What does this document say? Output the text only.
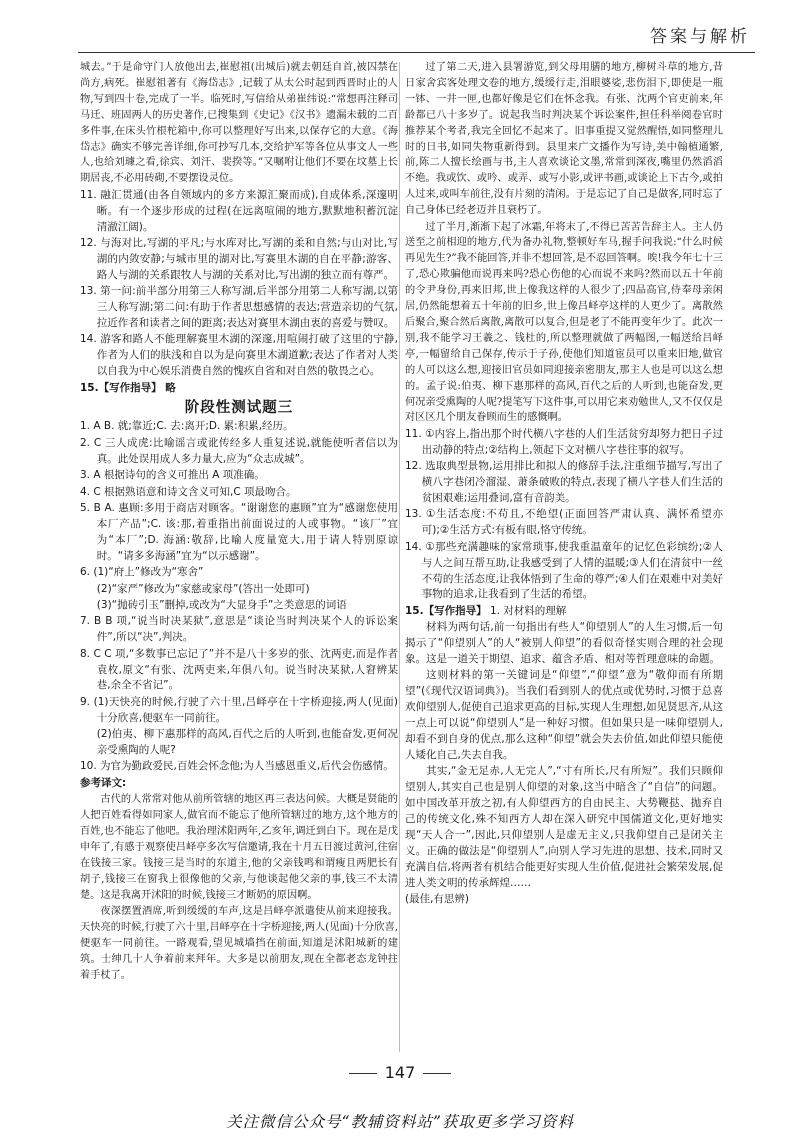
答案与解析

城去。”于是命守门人放他出去,崔慰祖(出城后)就去朝廷自首,被囚禁在尚方,病死。崔慰祖著有《海岱志》,记载了从太公时起到西晋时止的人物,写到四十卷,完成了一半。临死时,写信给从弟崔纬说:“常想再注释司马迁、班固两人的历史著作,已搜集到《史记》《汉书》遗漏未载的二百多件事,在床头竹根柁箱中,你可以整理好写出来,以保存它的大意。《海岱志》确实不够完善详细,你可抄写几本,交给护军等各位从事文人一些人,也给刘璩之看,徐宾、刘汗、裴揆等。”又嘱咐让他们不要在坟墓上长期居丧,不必用砖砌,不要摆设灵位。

11. 融汇贯通(由各自领域内的多方来源汇聚而成),自成体系,深邃明晰。有一个逐步形成的过程(在远离喧闹的地方,默默地积蓄沉淀清澈江阔)。

12. 与海对比,写湖的平凡;与水库对比,写湖的柔和自然;与山对比,写湖的内敛安静;与城市里的湖对比,写赛里木湖的自在平静;游客、路人与湖的关系跟牧人与湖的关系对比,写出湖的独立而有尊严。

13. 第一问:前半部分用第三人称写湖,后半部分用第二人称写湖,以第三人称写湖;第二问:有助于作者思想感情的表达;营造亲切的气氛,拉近作者和读者之间的距离;表达对赛里木湖由衷的喜爱与赞叹。

14. 游客和路人不能理解赛里木湖的深邃,用喧闹打破了这里的宁静,作者为人们的肤浅和自以为是向赛里木湖道歉;表达了作者对人类以自我为中心娱乐消费自然的愧疚自省和对自然的敬畏之心。

15.【写作指导】 略

阶段性测试题三

1. A B. 就;靠近;C. 去:离开;D. 累:积累,经历。

2. C 三人成虎:比喻谣言或讹传经多人重复述说,就能使听者信以为真。此处误用成人多力量大,应为“众志成城”。

3. A 根据诗句的含义可推出 A 项准确。

4. C 根据熟语意和诗文含义可知,C 项最吻合。

5. B A. 惠顾:多用于商店对顾客。“谢谢您的惠顾”宜为“感谢您使用本厂产品”;C. 该:那,着重指出前面说过的人或事物。“该厂”宜为“本厂”;D. 海涵:敬辞,比喻人度量宽大,用于请人特别原谅时。“请多多海涵”宜为“以示感谢”。

6. (1)“府上”修改为“寒舍”

(2)“家严”修改为“家慈或家母”(答出一处即可)

(3)“抛砖引玉”删掉,或改为“大显身手”之类意思的词语

7. B B 项,“说当时决某狱”,意思是“谈论当时判决某个人的诉讼案件”,所以“决”,判决。

8. C C 项,“多数事已忘记了”并不是八十多岁的张、沈两吏,而是作者袁枚,原文“有张、沈两吏来,年俱八旬。说当时决某狱,人窘辨某巷,余全不省记”。

9. (1)天快亮的时候,行驶了六十里,吕峄亭在十字桥迎接,两人(见面)十分欣喜,便驱车一同前往。

(2)伯夷、柳下惠那样的高风,百代之后的人听到,也能奋发,更何况亲受熏陶的人呢?

10. 为官为勤政爱民,百姓会怀念他;为人当感恩重义,后代会伤感情。

参考译文:

古代的人常常对他从前所管辖的地区再三表达问候。大概是贤能的人把百姓看得如同家人,做官而不能忘了他所管辖过的地方,这个地方的百姓,也不能忘了他吧。我治理沭阳两年,乙亥年,调迁到白下。现在是戊申年了,有感于观察使吕峄亭多次写信邀请,我在十月五日渡过黄河,往宿在钱接三家。钱接三是当时的东道主,他的父亲钱鸣和谓瘦且两肥长有胡子,钱接三在窗我上很像他的父亲,与他谈起他父亲的事,钱三不太清楚。这是我离开沭阳的时候,钱接三才断奶的原因啊。

夜深摆置酒席,听到缓缓的车声,这是吕峄亭派遣使从前来迎接我。天快亮的时候,行驶了六十里,吕峄亭在十字桥迎接,两人(见面)十分欣喜,便驱车一同前往。一路观看,望见城墙挡在前面,知道是沭阳城新的建筑。士绅几十人争着前来拜年。大多是以前朋友,现在全都老态龙钟拄着手杖了。

过了第二天,进入县署游览,到父母用膳的地方,柳树斗草的地方,昔日家舍宾客处理文卷的地方,缓缓行走,泪眼婆娑,悲伤泪下,即使是一瓶一钵、一井一匣,也都好像是它们在怀念我。有张、沈两个官吏前来,年龄都已八十多岁了。说起我当时判决某个诉讼案件,担任科举阅卷官时推荐某个考者,我完全回忆不起来了。旧事重提又觉然醒悟,如同整理儿时的日书,如同失物重新得到。县里来广文播作为写诗,美中翰植通繁,前,陈二人擅长绘画与书,主人喜欢谈论文墨,常常到深夜,嘴里仍然滔滔不绝。我或饮、或吟、或弄、或写小影,或评书画,或谈论上下古今,或拍人过来,或叫车前往,没有片刻的清闲。于是忘记了自己是做客,同时忘了自己身体已经老迈并且衰朽了。

过了半月,渐渐下起了冰霜,年将末了,不得已苦苦告辞主人。主人仍送至之前相迎的地方,代为备办礼物,整顿好车马,握手问我说:“什么时候再见先生?”我不能回答,并非不想回答,是不忍回答啊。唉!我今年七十三了,恐心欺骗他而说再来吗?恐心伤他的心而说不来吗?然而以五十年前的令尹身份,再来旧邦,世上像我这样的人很少了;四品高官,侍奉母亲闲居,仍然能想着五十年前的旧乡,世上像吕峄亭这样的人更少了。离散然后聚合,聚合然后离散,离散可以复合,但是老了不能再变年少了。此次一别,我不能学习王羲之、钱杜的,所以整理就做了两幅图,一幅送给吕峄亭,一幅留给自己保存,传示于子孙,使他们知道宦员可以重来旧地,做官的人可以这么想,迎接旧官员如同迎接亲密朋友,那主人也是可以这么想的。孟子说:伯夷、柳下惠那样的高风,百代之后的人听到,也能奋发,更何况亲受熏陶的人呢?提笔写下这件事,可以用它来劝勉世人,又不仅仅是对区区几个朋友眷顾而生的感慨啊。

11. ①内容上,指出那个时代横八字巷的人们生活贫穷却努力把日子过出动静的特点;②结构上,领起下文对横八字巷往事的叙写。

12. 选取典型景物,运用排比和拟人的修辞手法,注重细节描写,写出了横八字巷闭冷溜湿、萧条破败的特点,表现了横八字巷人们生活的贫困艰难;运用叠词,富有音韵美。

13. ①生活态度:不苟且,不绝望(正面回答严肃认真、满怀希望亦可);②生活方式:有板有眼,恪守传统。

14. ①那些充满趣味的家常琐事,使我重温童年的记忆色彩缤纷;②人与人之间互帮互助,让我感受到了人情的温暖;③人们在清贫中一丝不苟的生活态度,让我体悟到了生命的尊严;④人们在艰难中对美好事物的追求,让我看到了生活的希望。

15.【写作指导】 1. 对材料的理解

材料为两句话,前一句指出有些人“仰望别人”的人生习惯,后一句揭示了“仰望别人”的人“被别人仰望”的看似奇怪实则合理的社会现象。这是一道关于期望、追求、蕴含矛盾、相对等哲理意味的命题。

这则材料的第一关键词是“仰望”,“仰望”意为“敬仰而有所期望”(《现代汉语词典》)。当我们看到别人的优点或优势时,习惯于总喜欢仰望别人,促使自己追求更高的目标,实现人生理想,如见贤思齐,从这一点上可以说“仰望别人”是一种好习惯。但如果只是一味仰望别人,却看不到自身的优点,那么这种“仰望”就会失去价值,如此仰望只能使人矮化自己,失去自我。

其实,“金无足赤,人无完人”,“寸有所长,尺有所短”。我们只顾仰望别人,其实自己也是别人仰望的对象,这当中暗含了“自信”的问题。如中国改革开放之初,有人仰望西方的自由民主、大势鞭挞、抛弃自己的传统文化,殊不知西方人却在深入研究中国儒道文化,更好地实现“天人合一”,因此,只仰望别人是虚无主义,只我仰望自己是闭关主义。正确的做法是“仰望别人”,向别人学习先进的思想、技术,同时又充满自信,将两者有机结合能更好实现人生价值,促进社会繁荣发展,促进人类文明的传承辉煌……

(最佳,有思辨)

147
关注微信公众号“教辅资料站”获取更多学习资料
